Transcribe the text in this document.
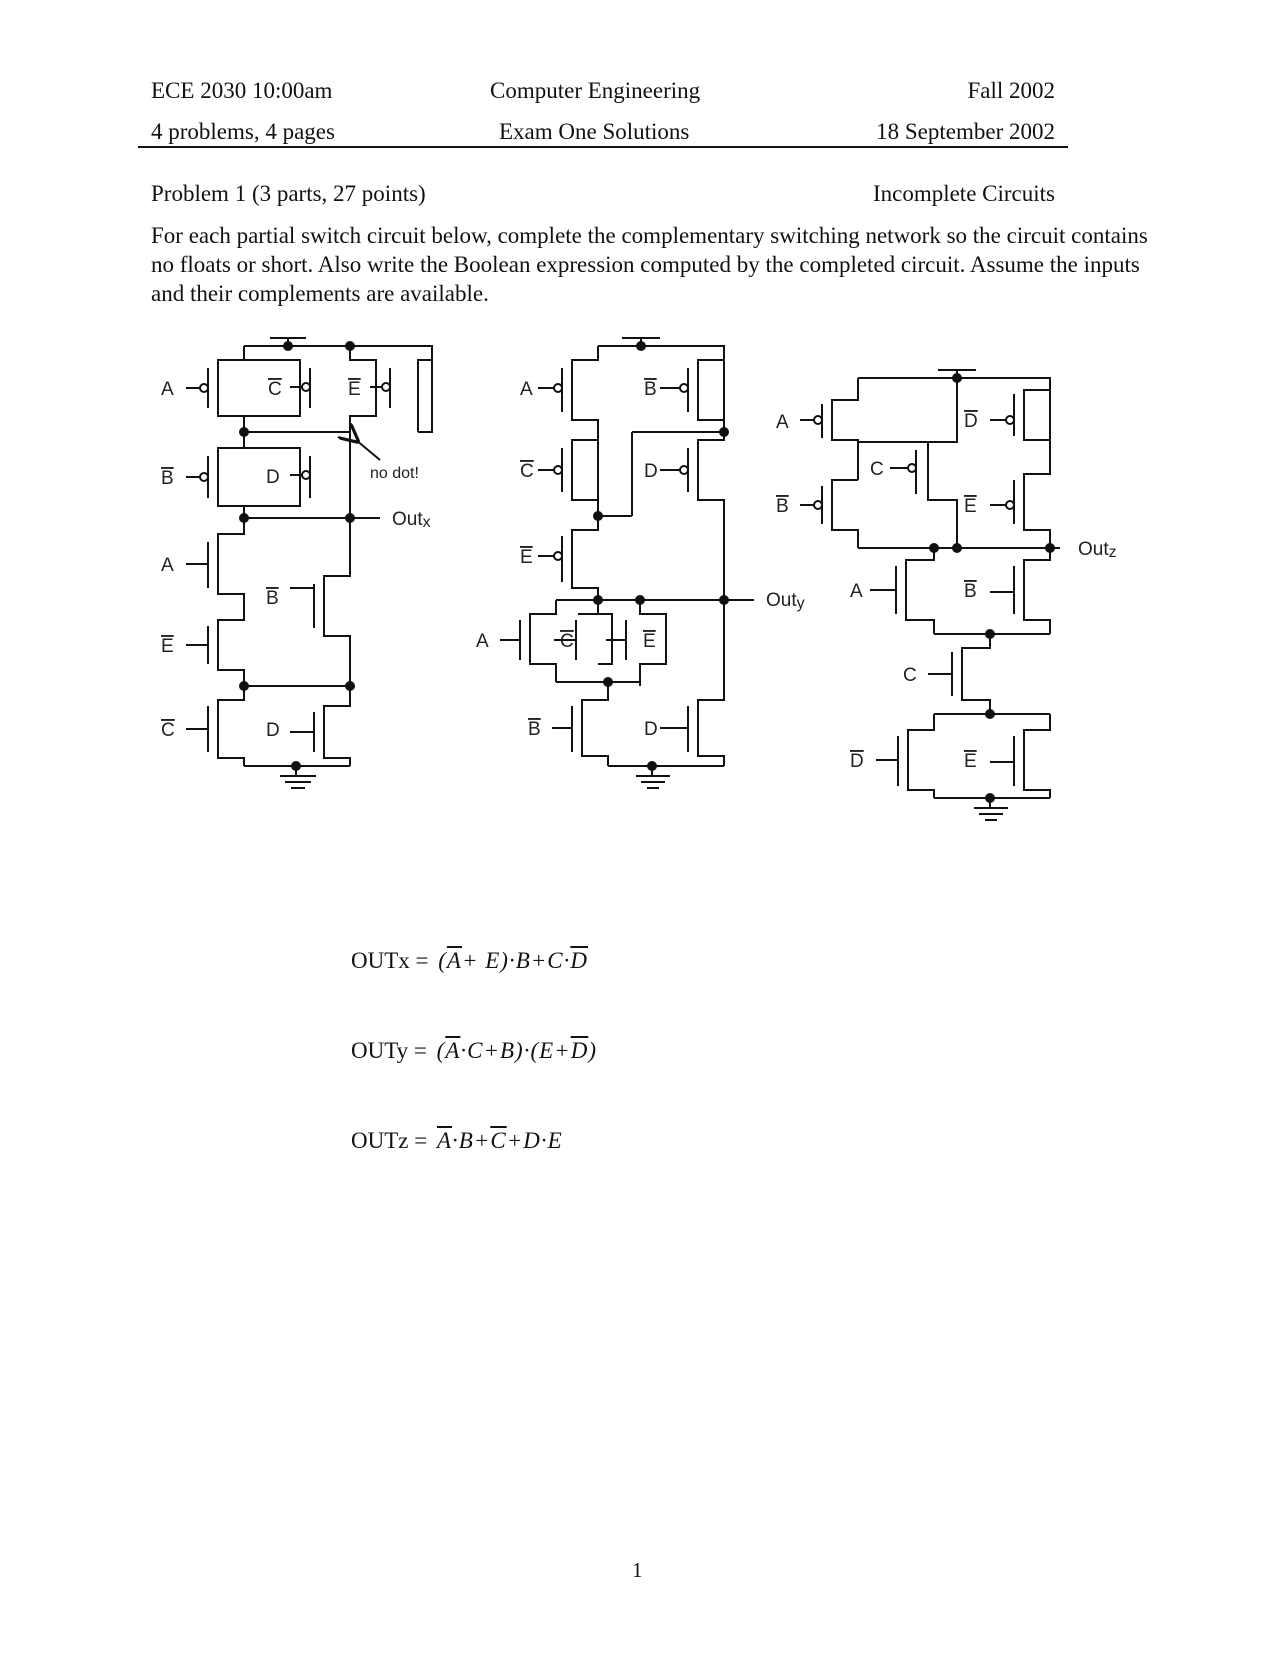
ECE 2030 10:00am	Computer Engineering	Fall 2002
4 problems, 4 pages	Exam One Solutions	18 September 2002
Problem 1 (3 parts, 27 points)	Incomplete Circuits
For each partial switch circuit below, complete the complementary switching network so the circuit contains no floats or short. Also write the Boolean expression computed by the completed circuit. Assume the inputs and their complements are available.
no dot!
Outx
A	C	E
B	D
A
B
E
C	D
Outy
A	B
C	D
E
A	C	E
B	D
Outz
A
B
C
D
E
A	B
C
D	E
OUTx = $(\overline{A}+ E)\cdot B+C\cdot\overline{D}$
OUTy = $(\overline{A}\cdot C+B)\cdot(E+\overline{D})$
OUTz = $\overline{A}\cdot B+\overline{C}+D\cdot E$
1
